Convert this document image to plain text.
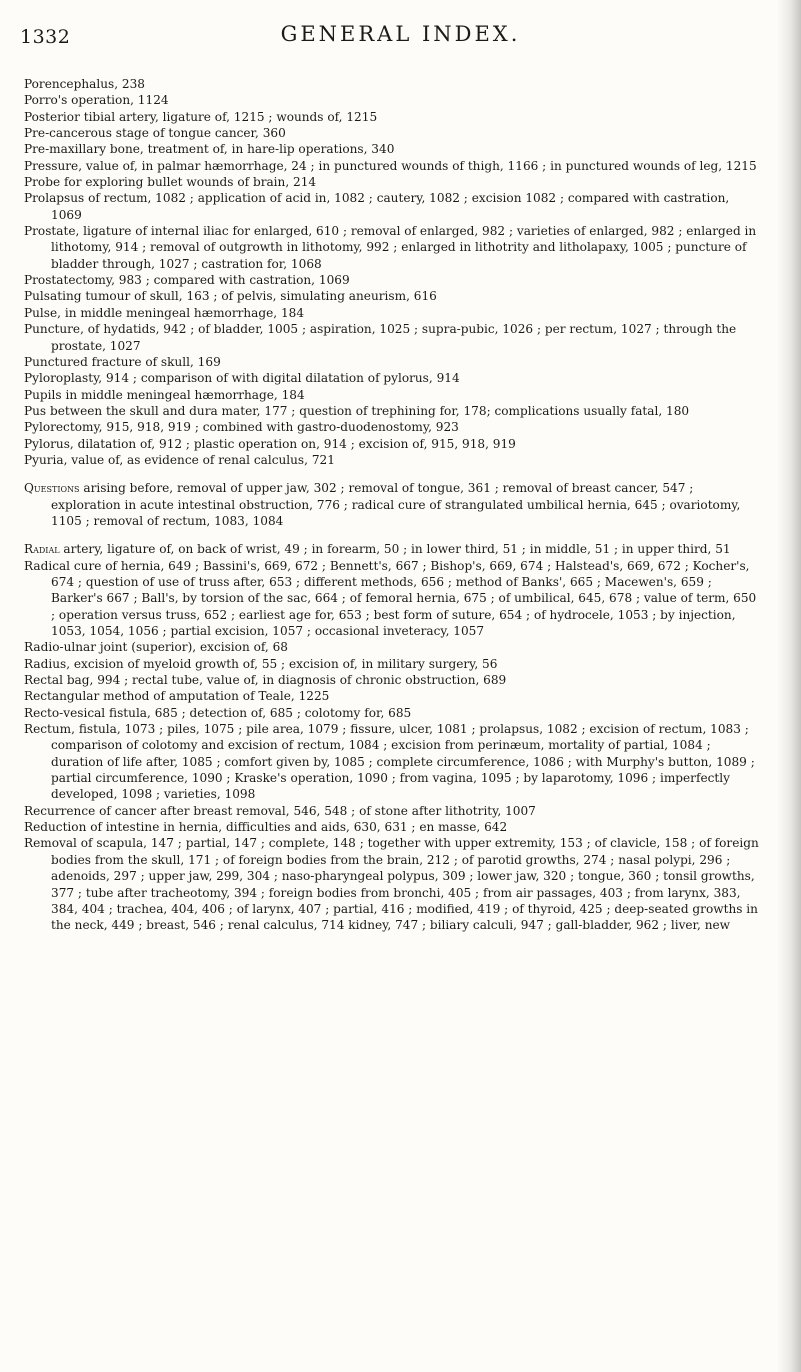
1332	GENERAL INDEX.

Porencephalus, 238

Porro's operation, 1124

Posterior tibial artery, ligature of, 1215 ; wounds of, 1215

Pre-cancerous stage of tongue cancer, 360

Pre-maxillary bone, treatment of, in hare-lip operations, 340

Pressure, value of, in palmar hæmorrhage, 24 ; in punctured wounds of thigh, 1166 ; in punctured wounds of leg, 1215

Probe for exploring bullet wounds of brain, 214

Prolapsus of rectum, 1082 ; application of acid in, 1082 ; cautery, 1082 ; excision 1082 ; compared with castration, 1069

Prostate, ligature of internal iliac for enlarged, 610 ; removal of enlarged, 982 ; varieties of enlarged, 982 ; enlarged in lithotomy, 914 ; removal of outgrowth in lithotomy, 992 ; enlarged in lithotrity and litholapaxy, 1005 ; puncture of bladder through, 1027 ; castration for, 1068

Prostatectomy, 983 ; compared with castration, 1069

Pulsating tumour of skull, 163 ; of pelvis, simulating aneurism, 616

Pulse, in middle meningeal hæmorrhage, 184

Puncture, of hydatids, 942 ; of bladder, 1005 ; aspiration, 1025 ; supra-pubic, 1026 ; per rectum, 1027 ; through the prostate, 1027

Punctured fracture of skull, 169

Pyloroplasty, 914 ; comparison of with digital dilatation of pylorus, 914

Pupils in middle meningeal hæmorrhage, 184

Pus between the skull and dura mater, 177 ; question of trephining for, 178; complications usually fatal, 180

Pylorectomy, 915, 918, 919 ; combined with gastro-duodenostomy, 923

Pylorus, dilatation of, 912 ; plastic operation on, 914 ; excision of, 915, 918, 919

Pyuria, value of, as evidence of renal calculus, 721

Questions arising before, removal of upper jaw, 302 ; removal of tongue, 361 ; removal of breast cancer, 547 ; exploration in acute intestinal obstruction, 776 ; radical cure of strangulated umbilical hernia, 645 ; ovariotomy, 1105 ; removal of rectum, 1083, 1084

Radial artery, ligature of, on back of wrist, 49 ; in forearm, 50 ; in lower third, 51 ; in middle, 51 ; in upper third, 51

Radical cure of hernia, 649 ; Bassini's, 669, 672 ; Bennett's, 667 ; Bishop's, 669, 674 ; Halstead's, 669, 672 ; Kocher's, 674 ; question of use of truss after, 653 ; different methods, 656 ; method of Banks', 665 ; Macewen's, 659 ; Barker's 667 ; Ball's, by torsion of the sac, 664 ; of femoral hernia, 675 ; of umbilical, 645, 678 ; value of term, 650 ; operation versus truss, 652 ; earliest age for, 653 ; best form of suture, 654 ; of hydrocele, 1053 ; by injection, 1053, 1054, 1056 ; partial excision, 1057 ; occasional inveteracy, 1057

Radio-ulnar joint (superior), excision of, 68

Radius, excision of myeloid growth of, 55 ; excision of, in military surgery, 56

Rectal bag, 994 ; rectal tube, value of, in diagnosis of chronic obstruction, 689

Rectangular method of amputation of Teale, 1225

Recto-vesical fistula, 685 ; detection of, 685 ; colotomy for, 685

Rectum, fistula, 1073 ; piles, 1075 ; pile area, 1079 ; fissure, ulcer, 1081 ; prolapsus, 1082 ; excision of rectum, 1083 ; comparison of colotomy and excision of rectum, 1084 ; excision from perinæum, mortality of partial, 1084 ; duration of life after, 1085 ; comfort given by, 1085 ; complete circumference, 1086 ; with Murphy's button, 1089 ; partial circumference, 1090 ; Kraske's operation, 1090 ; from vagina, 1095 ; by laparotomy, 1096 ; imperfectly developed, 1098 ; varieties, 1098

Recurrence of cancer after breast removal, 546, 548 ; of stone after lithotrity, 1007

Reduction of intestine in hernia, difficulties and aids, 630, 631 ; en masse, 642

Removal of scapula, 147 ; partial, 147 ; complete, 148 ; together with upper extremity, 153 ; of clavicle, 158 ; of foreign bodies from the skull, 171 ; of foreign bodies from the brain, 212 ; of parotid growths, 274 ; nasal polypi, 296 ; adenoids, 297 ; upper jaw, 299, 304 ; naso-pharyngeal polypus, 309 ; lower jaw, 320 ; tongue, 360 ; tonsil growths, 377 ; tube after tracheotomy, 394 ; foreign bodies from bronchi, 405 ; from air passages, 403 ; from larynx, 383, 384, 404 ; trachea, 404, 406 ; of larynx, 407 ; partial, 416 ; modified, 419 ; of thyroid, 425 ; deep-seated growths in the neck, 449 ; breast, 546 ; renal calculus, 714 kidney, 747 ; biliary calculi, 947 ; gall-bladder, 962 ; liver, new
